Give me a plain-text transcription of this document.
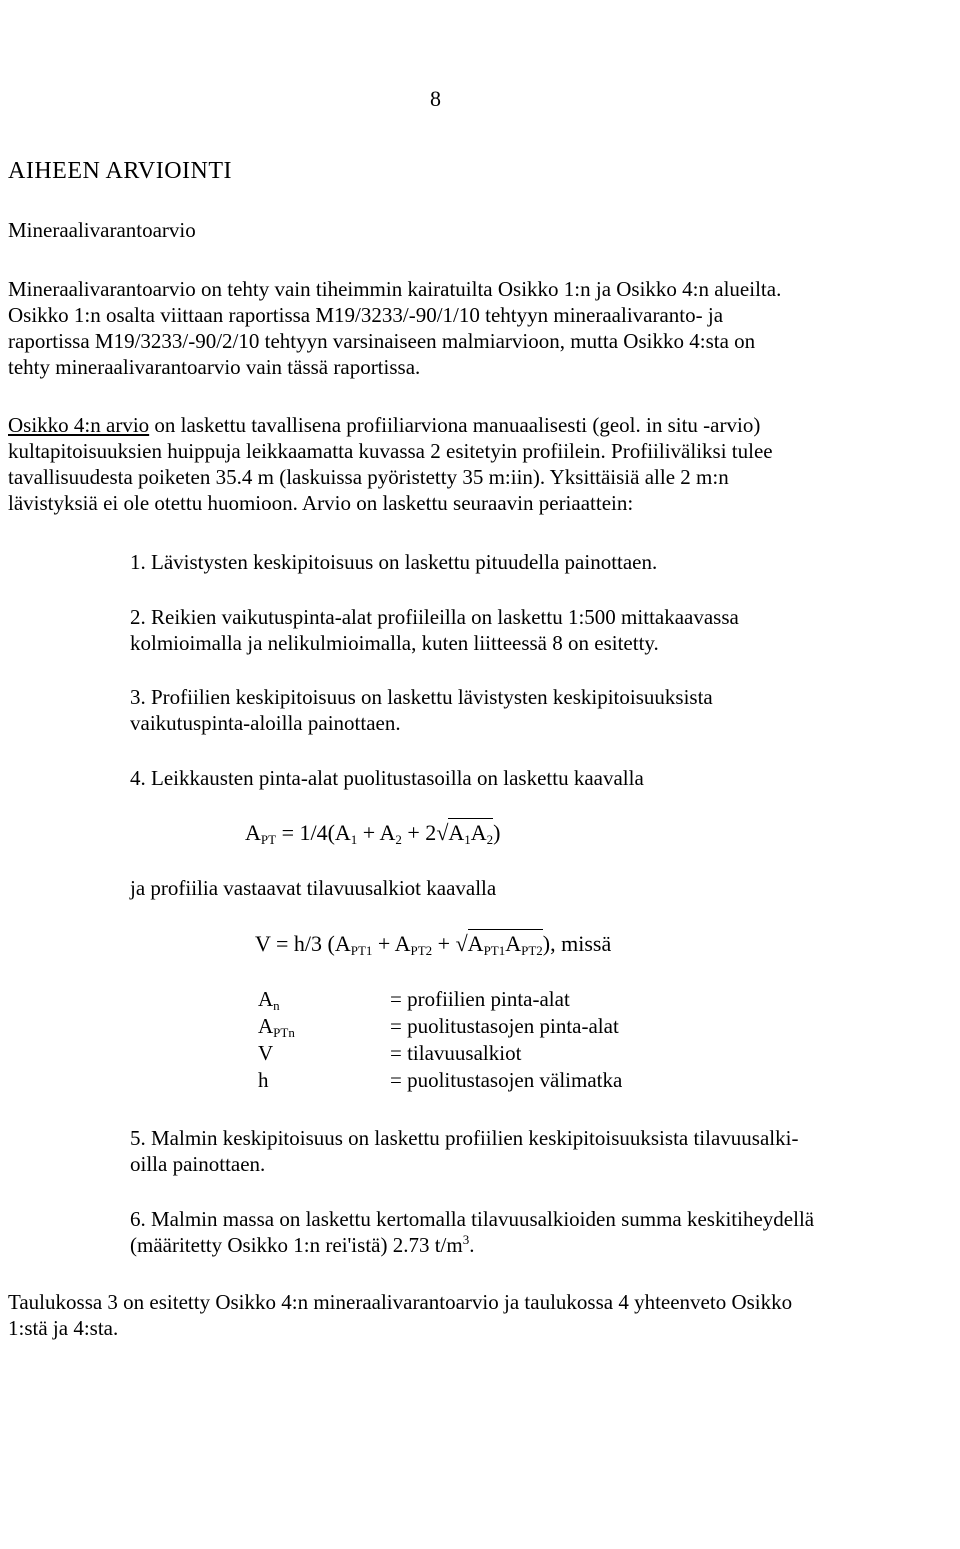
8
AIHEEN ARVIOINTI
Mineraalivarantoarvio
Mineraalivarantoarvio on tehty vain tiheimmin kairatuilta Osikko 1:n ja Osikko 4:n alueilta.
Osikko 1:n osalta viittaan raportissa M19/3233/-90/1/10 tehtyyn mineraalivaranto- ja
raportissa M19/3233/-90/2/10 tehtyyn varsinaiseen malmiarvioon, mutta Osikko 4:sta on
tehty mineraalivarantoarvio vain tässä raportissa.
Osikko 4:n arvio on laskettu tavallisena profiiliarviona manuaalisesti (geol. in situ -arvio)
kultapitoisuuksien huippuja leikkaamatta kuvassa 2 esitetyin profiilein. Profiiliväliksi tulee
tavallisuudesta poiketen 35.4 m (laskuissa pyöristetty 35 m:iin). Yksittäisiä alle 2 m:n
lävistyksiä ei ole otettu huomioon. Arvio on laskettu seuraavin periaattein:
1. Lävistysten keskipitoisuus on laskettu pituudella painottaen.
2. Reikien vaikutuspinta-alat profiileilla on laskettu 1:500 mittakaavassa
kolmioimalla ja nelikulmioimalla, kuten liitteessä 8 on esitetty.
3. Profiilien keskipitoisuus on laskettu lävistysten keskipitoisuuksista
vaikutuspinta-aloilla painottaen.
4. Leikkausten pinta-alat puolitustasoilla on laskettu kaavalla
$A_{PT} = 1/4(A_1 + A_2 + 2√A_1A_2)$
ja profiilia vastaavat tilavuusalkiot kaavalla
V = h/3 $(A_{PT1} + A_{PT2} + √A_{PT1}A_{PT2})$, missä
$A_n$	= profiilien pinta-alat
$A_{PTn}$	= puolitustasojen pinta-alat
V	= tilavuusalkiot
h	= puolitustasojen välimatka
5. Malmin keskipitoisuus on laskettu profiilien keskipitoisuuksista tilavuusalki-
oilla painottaen.
6. Malmin massa on laskettu kertomalla tilavuusalkioiden summa keskitiheydellä
(määritetty Osikko 1:n rei'istä) 2.73 $t/m^3$.
Taulukossa 3 on esitetty Osikko 4:n mineraalivarantoarvio ja taulukossa 4 yhteenveto Osikko
1:stä ja 4:sta.
